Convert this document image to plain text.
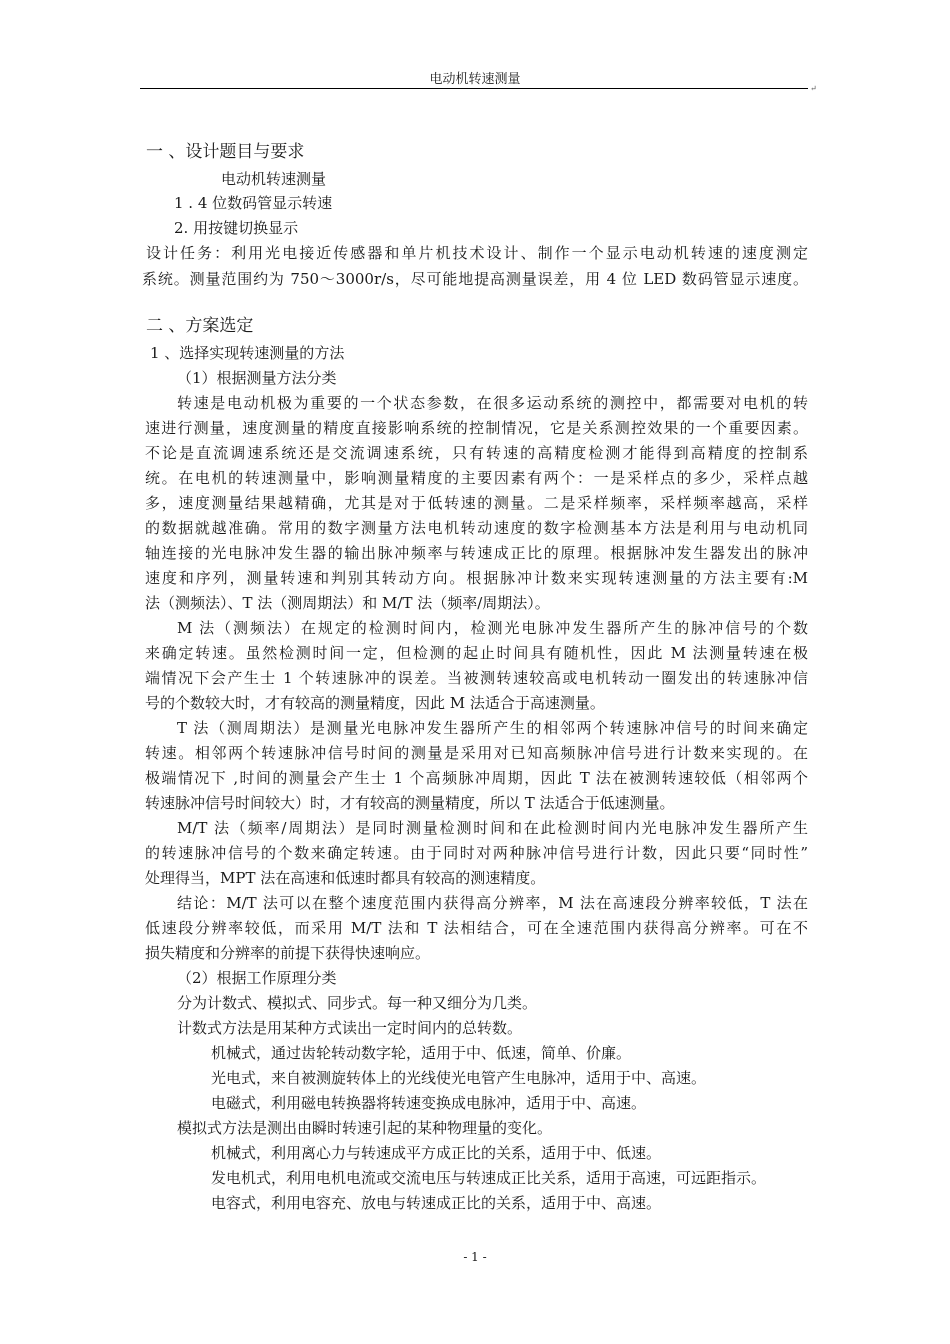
电动机转速测量
↵
一 、设计题目与要求
电动机转速测量
1 . 4 位数码管显示转速
2. 用按键切换显示
设计任务：利用光电接近传感器和单片机技术设计、制作一个显示电动机转速的速度测定
系统。测量范围约为 750～3000r/s，尽可能地提高测量误差，用 4 位 LED 数码管显示速度。
二 、方案选定
1 、选择实现转速测量的方法
（1）根据测量方法分类
转速是电动机极为重要的一个状态参数，在很多运动系统的测控中，都需要对电机的转
速进行测量，速度测量的精度直接影响系统的控制情况，它是关系测控效果的一个重要因素。
不论是直流调速系统还是交流调速系统，只有转速的高精度检测才能得到高精度的控制系
统。在电机的转速测量中，影响测量精度的主要因素有两个：一是采样点的多少，采样点越
多，速度测量结果越精确，尤其是对于低转速的测量。二是采样频率，采样频率越高，采样
的数据就越准确。常用的数字测量方法电机转动速度的数字检测基本方法是利用与电动机同
轴连接的光电脉冲发生器的输出脉冲频率与转速成正比的原理。根据脉冲发生器发出的脉冲
速度和序列，测量转速和判别其转动方向。根据脉冲计数来实现转速测量的方法主要有:M
法（测频法）、T 法（测周期法）和 M/T 法（频率/周期法）。
M 法（测频法）在规定的检测时间内，检测光电脉冲发生器所产生的脉冲信号的个数
来确定转速。虽然检测时间一定，但检测的起止时间具有随机性，因此 M 法测量转速在极
端情况下会产生士 1 个转速脉冲的误差。当被测转速较高或电机转动一圈发出的转速脉冲信
号的个数较大时，才有较高的测量精度，因此 M 法适合于高速测量。
T 法（测周期法）是测量光电脉冲发生器所产生的相邻两个转速脉冲信号的时间来确定
转速。相邻两个转速脉冲信号时间的测量是采用对已知高频脉冲信号进行计数来实现的。在
极端情况下 ,时间的测量会产生士 1 个高频脉冲周期，因此 T 法在被测转速较低（相邻两个
转速脉冲信号时间较大）时，才有较高的测量精度，所以 T 法适合于低速测量。
M/T 法（频率/周期法）是同时测量检测时间和在此检测时间内光电脉冲发生器所产生
的转速脉冲信号的个数来确定转速。由于同时对两种脉冲信号进行计数，因此只要“同时性”
处理得当，MPT 法在高速和低速时都具有较高的测速精度。
结论：M/T 法可以在整个速度范围内获得高分辨率，M 法在高速段分辨率较低，T 法在
低速段分辨率较低，而采用 M/T 法和 T 法相结合，可在全速范围内获得高分辨率。可在不
损失精度和分辨率的前提下获得快速响应。
（2）根据工作原理分类
分为计数式、模拟式、同步式。每一种又细分为几类。
计数式方法是用某种方式读出一定时间内的总转数。
机械式，通过齿轮转动数字轮，适用于中、低速，简单、价廉。
光电式，来自被测旋转体上的光线使光电管产生电脉冲，适用于中、高速。
电磁式，利用磁电转换器将转速变换成电脉冲，适用于中、高速。
模拟式方法是测出由瞬时转速引起的某种物理量的变化。
机械式，利用离心力与转速成平方成正比的关系，适用于中、低速。
发电机式，利用电机电流或交流电压与转速成正比关系，适用于高速，可远距指示。
电容式，利用电容充、放电与转速成正比的关系，适用于中、高速。
- 1 -
